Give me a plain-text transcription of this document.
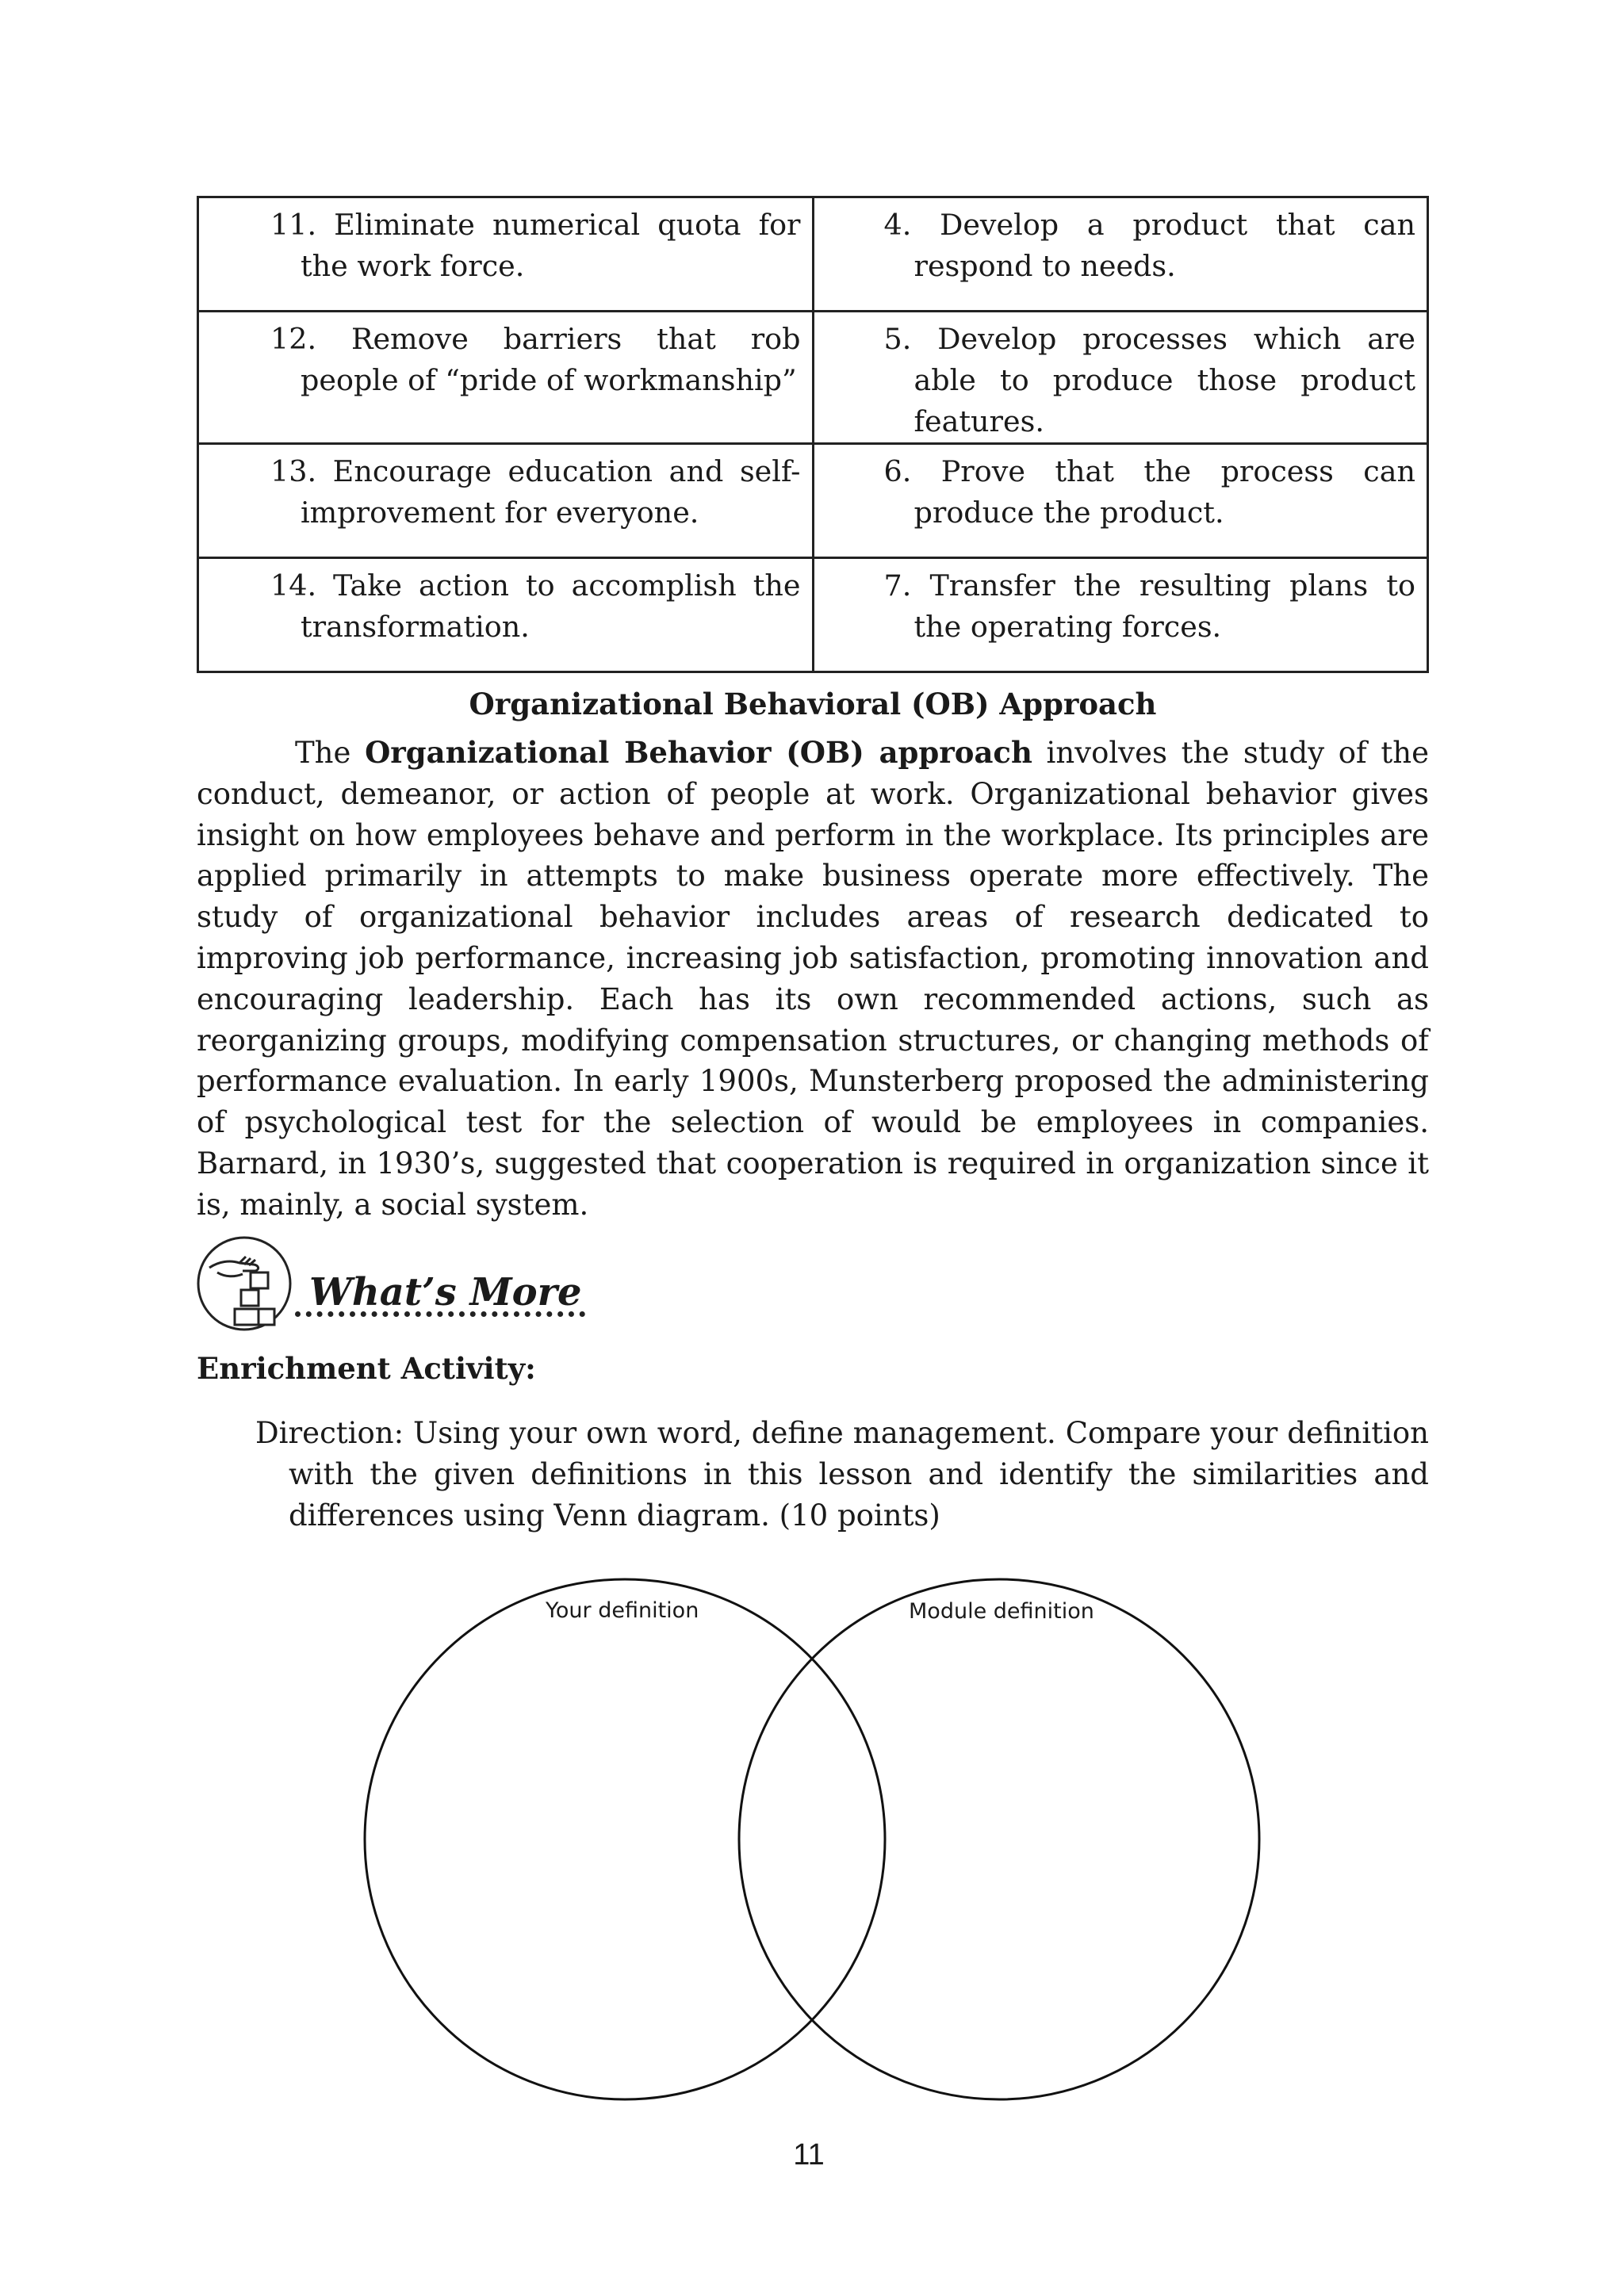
11. Eliminate numerical quota for the work force.	4. Develop a product that can respond to needs.

12. Remove barriers that rob people of “pride of workmanship”	5. Develop processes which are able to produce those product features.

13. Encourage education and self-improvement for everyone.	6. Prove that the process can produce the product.

14. Take action to accomplish the transformation.	7. Transfer the resulting plans to the operating forces.
Organizational Behavioral (OB) Approach

The Organizational Behavior (OB) approach involves the study of the conduct, demeanor, or action of people at work. Organizational behavior gives insight on how employees behave and perform in the workplace. Its principles are applied primarily in attempts to make business operate more effectively. The study of organizational behavior includes areas of research dedicated to improving job performance, increasing job satisfaction, promoting innovation and encouraging leadership. Each has its own recommended actions, such as reorganizing groups, modifying compensation structures, or changing methods of performance evaluation. In early 1900s, Munsterberg proposed the administering of psychological test for the selection of would be employees in companies. Barnard, in 1930’s, suggested that cooperation is required in organization since it is, mainly, a social system.

What’s More
Enrichment Activity:

Direction: Using your own word, define management. Compare your definition with the given definitions in this lesson and identify the similarities and differences using Venn diagram. (10 points)

Your definition	Module definition

11
